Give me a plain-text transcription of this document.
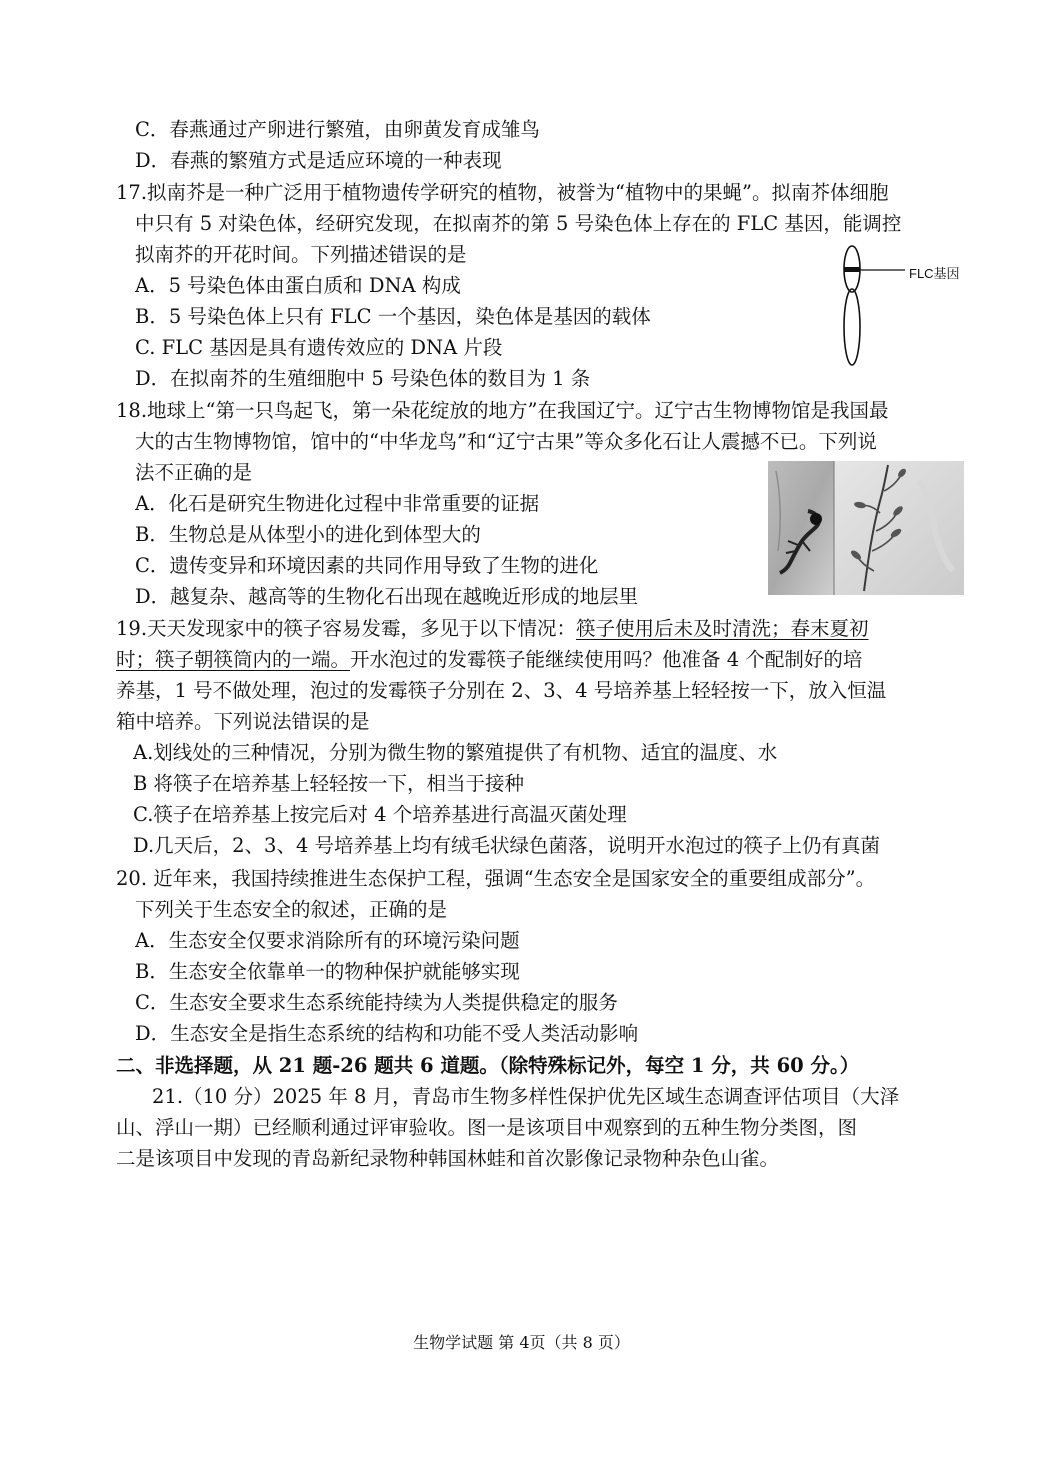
C．春燕通过产卵进行繁殖，由卵黄发育成雏鸟
D．春燕的繁殖方式是适应环境的一种表现
17.拟南芥是一种广泛用于植物遗传学研究的植物，被誉为“植物中的果蝇”。拟南芥体细胞
中只有 5 对染色体，经研究发现，在拟南芥的第 5 号染色体上存在的 FLC 基因，能调控
拟南芥的开花时间。下列描述错误的是
A．5 号染色体由蛋白质和 DNA 构成
B．5 号染色体上只有 FLC 一个基因，染色体是基因的载体
C. FLC 基因是具有遗传效应的 DNA 片段
D．在拟南芥的生殖细胞中 5 号染色体的数目为 1 条
18.地球上“第一只鸟起飞，第一朵花绽放的地方”在我国辽宁。辽宁古生物博物馆是我国最
大的古生物博物馆，馆中的“中华龙鸟”和“辽宁古果”等众多化石让人震撼不已。下列说
法不正确的是
A．化石是研究生物进化过程中非常重要的证据
B．生物总是从体型小的进化到体型大的
C．遗传变异和环境因素的共同作用导致了生物的进化
D．越复杂、越高等的生物化石出现在越晚近形成的地层里
19.天天发现家中的筷子容易发霉，多见于以下情况：筷子使用后未及时清洗；春末夏初
时；筷子朝筷筒内的一端。开水泡过的发霉筷子能继续使用吗？他准备 4 个配制好的培
养基，1 号不做处理，泡过的发霉筷子分别在 2、3、4 号培养基上轻轻按一下，放入恒温
箱中培养。下列说法错误的是
A.划线处的三种情况，分别为微生物的繁殖提供了有机物、适宜的温度、水
B 将筷子在培养基上轻轻按一下，相当于接种
C.筷子在培养基上按完后对 4 个培养基进行高温灭菌处理
D.几天后，2、3、4 号培养基上均有绒毛状绿色菌落，说明开水泡过的筷子上仍有真菌
20. 近年来，我国持续推进生态保护工程，强调“生态安全是国家安全的重要组成部分”。
下列关于生态安全的叙述，正确的是
A．生态安全仅要求消除所有的环境污染问题
B．生态安全依靠单一的物种保护就能够实现
C．生态安全要求生态系统能持续为人类提供稳定的服务
D．生态安全是指生态系统的结构和功能不受人类活动影响
二、非选择题，从 21 题-26 题共 6 道题。（除特殊标记外，每空 1 分，共 60 分。）
21.（10 分）2025 年 8 月，青岛市生物多样性保护优先区域生态调查评估项目（大泽
山、浮山一期）已经顺利通过评审验收。图一是该项目中观察到的五种生物分类图，图
二是该项目中发现的青岛新纪录物种韩国林蛙和首次影像记录物种杂色山雀。
FLC基因
生物学试题 第 4页（共 8 页）
